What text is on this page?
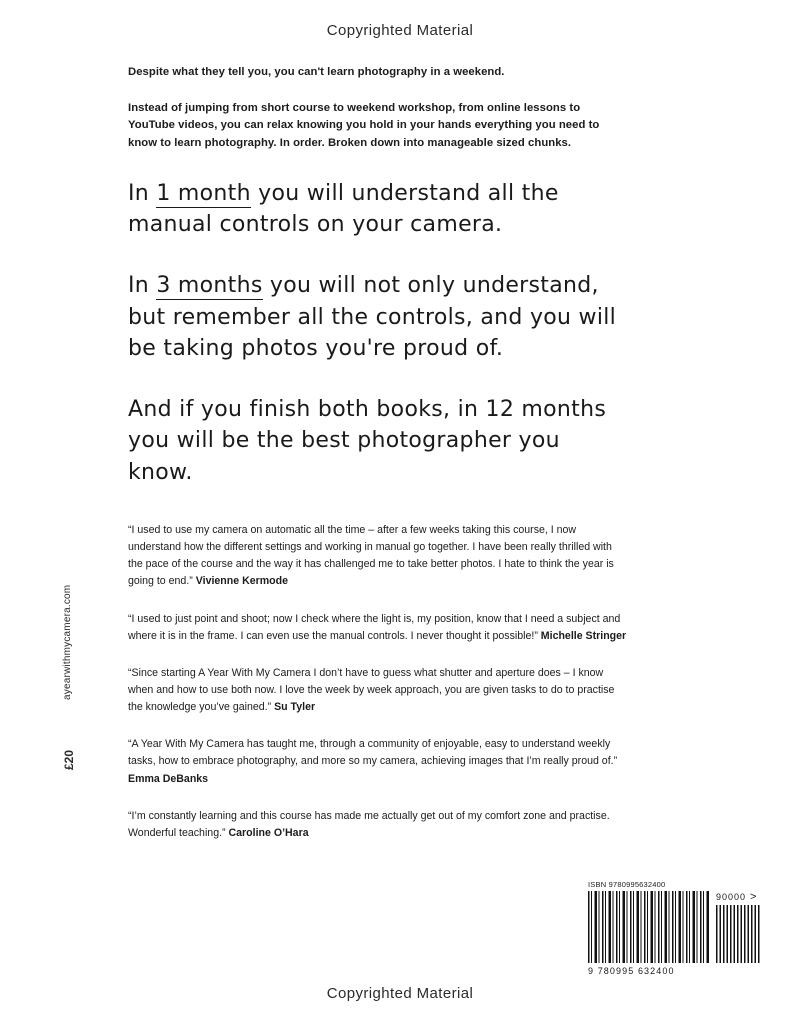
Copyrighted Material
ayearwithmycamera.com
£20

Despite what they tell you, you can't learn photography in a weekend.

Instead of jumping from short course to weekend workshop, from online lessons to YouTube videos, you can relax knowing you hold in your hands everything you need to know to learn photography. In order. Broken down into manageable sized chunks.

In 1 month you will understand all the manual controls on your camera.
In 3 months you will not only understand, but remember all the controls, and you will be taking photos you're proud of.
And if you finish both books, in 12 months
you will be the best photographer you know.

“I used to use my camera on automatic all the time – after a few weeks taking this course, I now understand how the different settings and working in manual go together. I have been really thrilled with the pace of the course and the way it has challenged me to take better photos. I hate to think the year is going to end.” Vivienne Kermode

“I used to just point and shoot; now I check where the light is, my position, know that I need a subject and where it is in the frame. I can even use the manual controls. I never thought it possible!” Michelle Stringer

“Since starting A Year With My Camera I don’t have to guess what shutter and aperture does – I know when and how to use both now. I love the week by week approach, you are given tasks to do to practise the knowledge you’ve gained.” Su Tyler

“A Year With My Camera has taught me, through a community of enjoyable, easy to understand weekly tasks, how to embrace photography, and more so my camera, achieving images that I’m really proud of.” Emma DeBanks

“I’m constantly learning and this course has made me actually get out of my comfort zone and practise. Wonderful teaching.” Caroline O’Hara

ISBN 9780995632400
9 780995 632400
90000 >
Copyrighted Material
